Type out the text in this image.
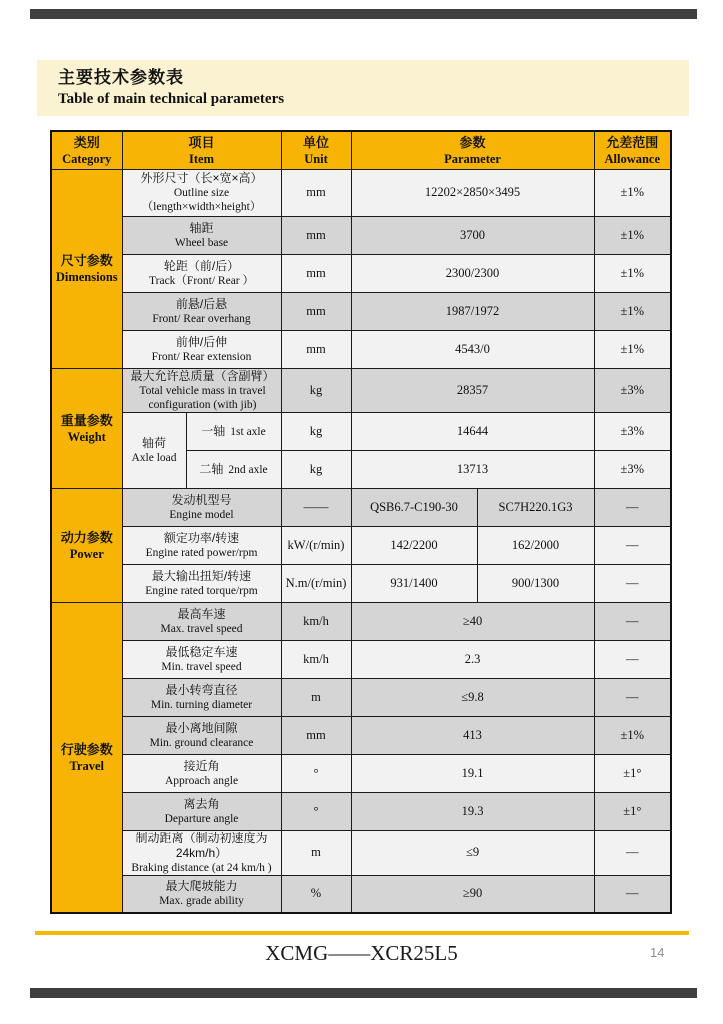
主要技术参数表
Table of main technical parameters
类别
Category	项目
Item		单位
Unit	参数
Parameter		允差范围
Allowance

尺寸参数
Dimensions	外形尺寸（长×宽×高）
Outline size
（length×width×height）		mm	12202×2850×3495		±1%

	轴距
Wheel base		mm	3700		±1%

	轮距（前/后）
Track（Front/ Rear ）		mm	2300/2300		±1%

	前悬/后悬
Front/ Rear overhang		mm	1987/1972		±1%

	前伸/后伸
Front/ Rear extension		mm	4543/0		±1%

重量参数
Weight	最大允许总质量（含副臂）
Total vehicle mass in travel
configuration (with jib)		kg	28357		±3%

	轴荷
Axle load	一轴 1st axle	kg	14644		±3%
		二轴 2nd axle	kg	13713		±3%

动力参数
Power	发动机型号
Engine model		——	QSB6.7-C190-30	SC7H220.1G3	—

	额定功率/转速
Engine rated power/rpm		kW/(r/min)	142/2200	162/2000	—

	最大输出扭矩/转速
Engine rated torque/rpm		N.m/(r/min)	931/1400	900/1300	—

行驶参数
Travel	最高车速
Max. travel speed		km/h	≥40		—

	最低稳定车速
Min. travel speed		km/h	2.3		—

	最小转弯直径
Min. turning diameter		m	≤9.8		—

	最小离地间隙
Min. ground clearance		mm	413		±1%

	接近角
Approach angle		°	19.1		±1°

	离去角
Departure angle		°	19.3		±1°

	制动距离（制动初速度为
24km/h）
Braking distance (at 24 km/h )		m	≤9		—

	最大爬坡能力
Max. grade ability		%	≥90		—
XCMG——XCR25L5	14
